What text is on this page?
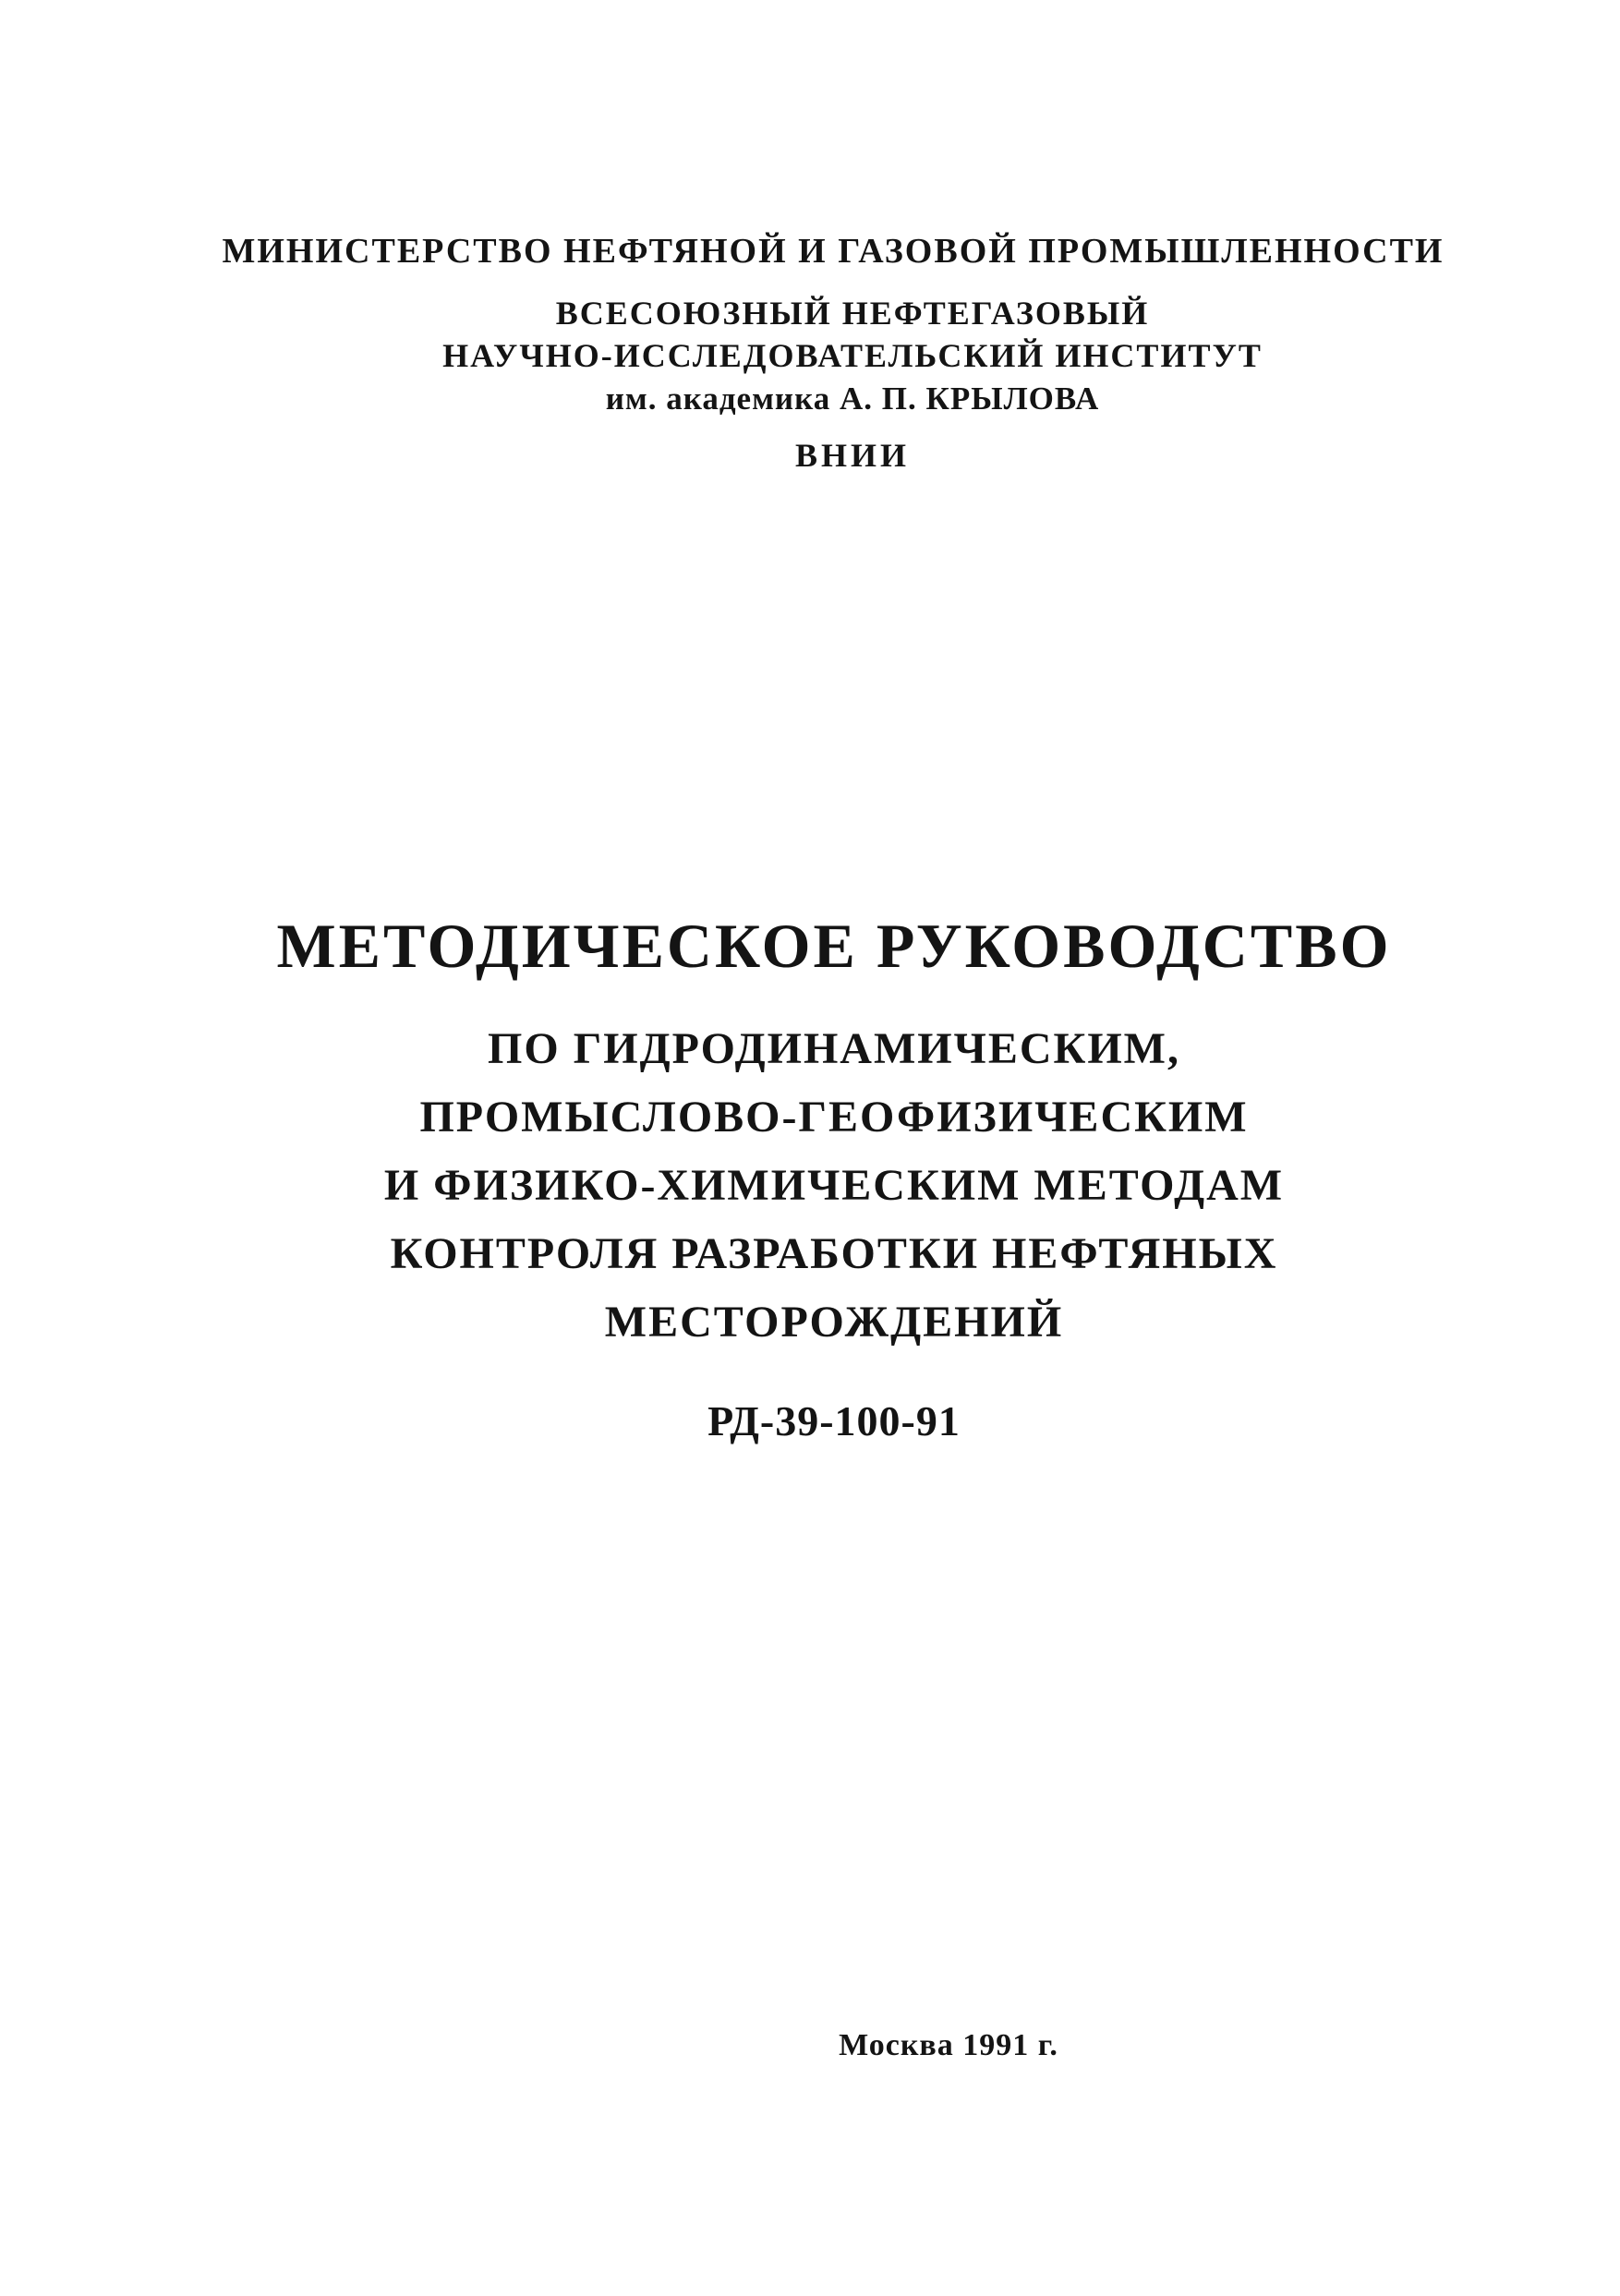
МИНИСТЕРСТВО НЕФТЯНОЙ И ГАЗОВОЙ ПРОМЫШЛЕННОСТИ

ВСЕСОЮЗНЫЙ НЕФТЕГАЗОВЫЙ

НАУЧНО-ИССЛЕДОВАТЕЛЬСКИЙ ИНСТИТУТ

им. академика А. П. КРЫЛОВА

ВНИИ

МЕТОДИЧЕСКОЕ РУКОВОДСТВО

ПО ГИДРОДИНАМИЧЕСКИМ,

ПРОМЫСЛОВО-ГЕОФИЗИЧЕСКИМ

И ФИЗИКО-ХИМИЧЕСКИМ МЕТОДАМ

КОНТРОЛЯ РАЗРАБОТКИ НЕФТЯНЫХ

МЕСТОРОЖДЕНИЙ

РД-39-100-91

Москва 1991 г.
